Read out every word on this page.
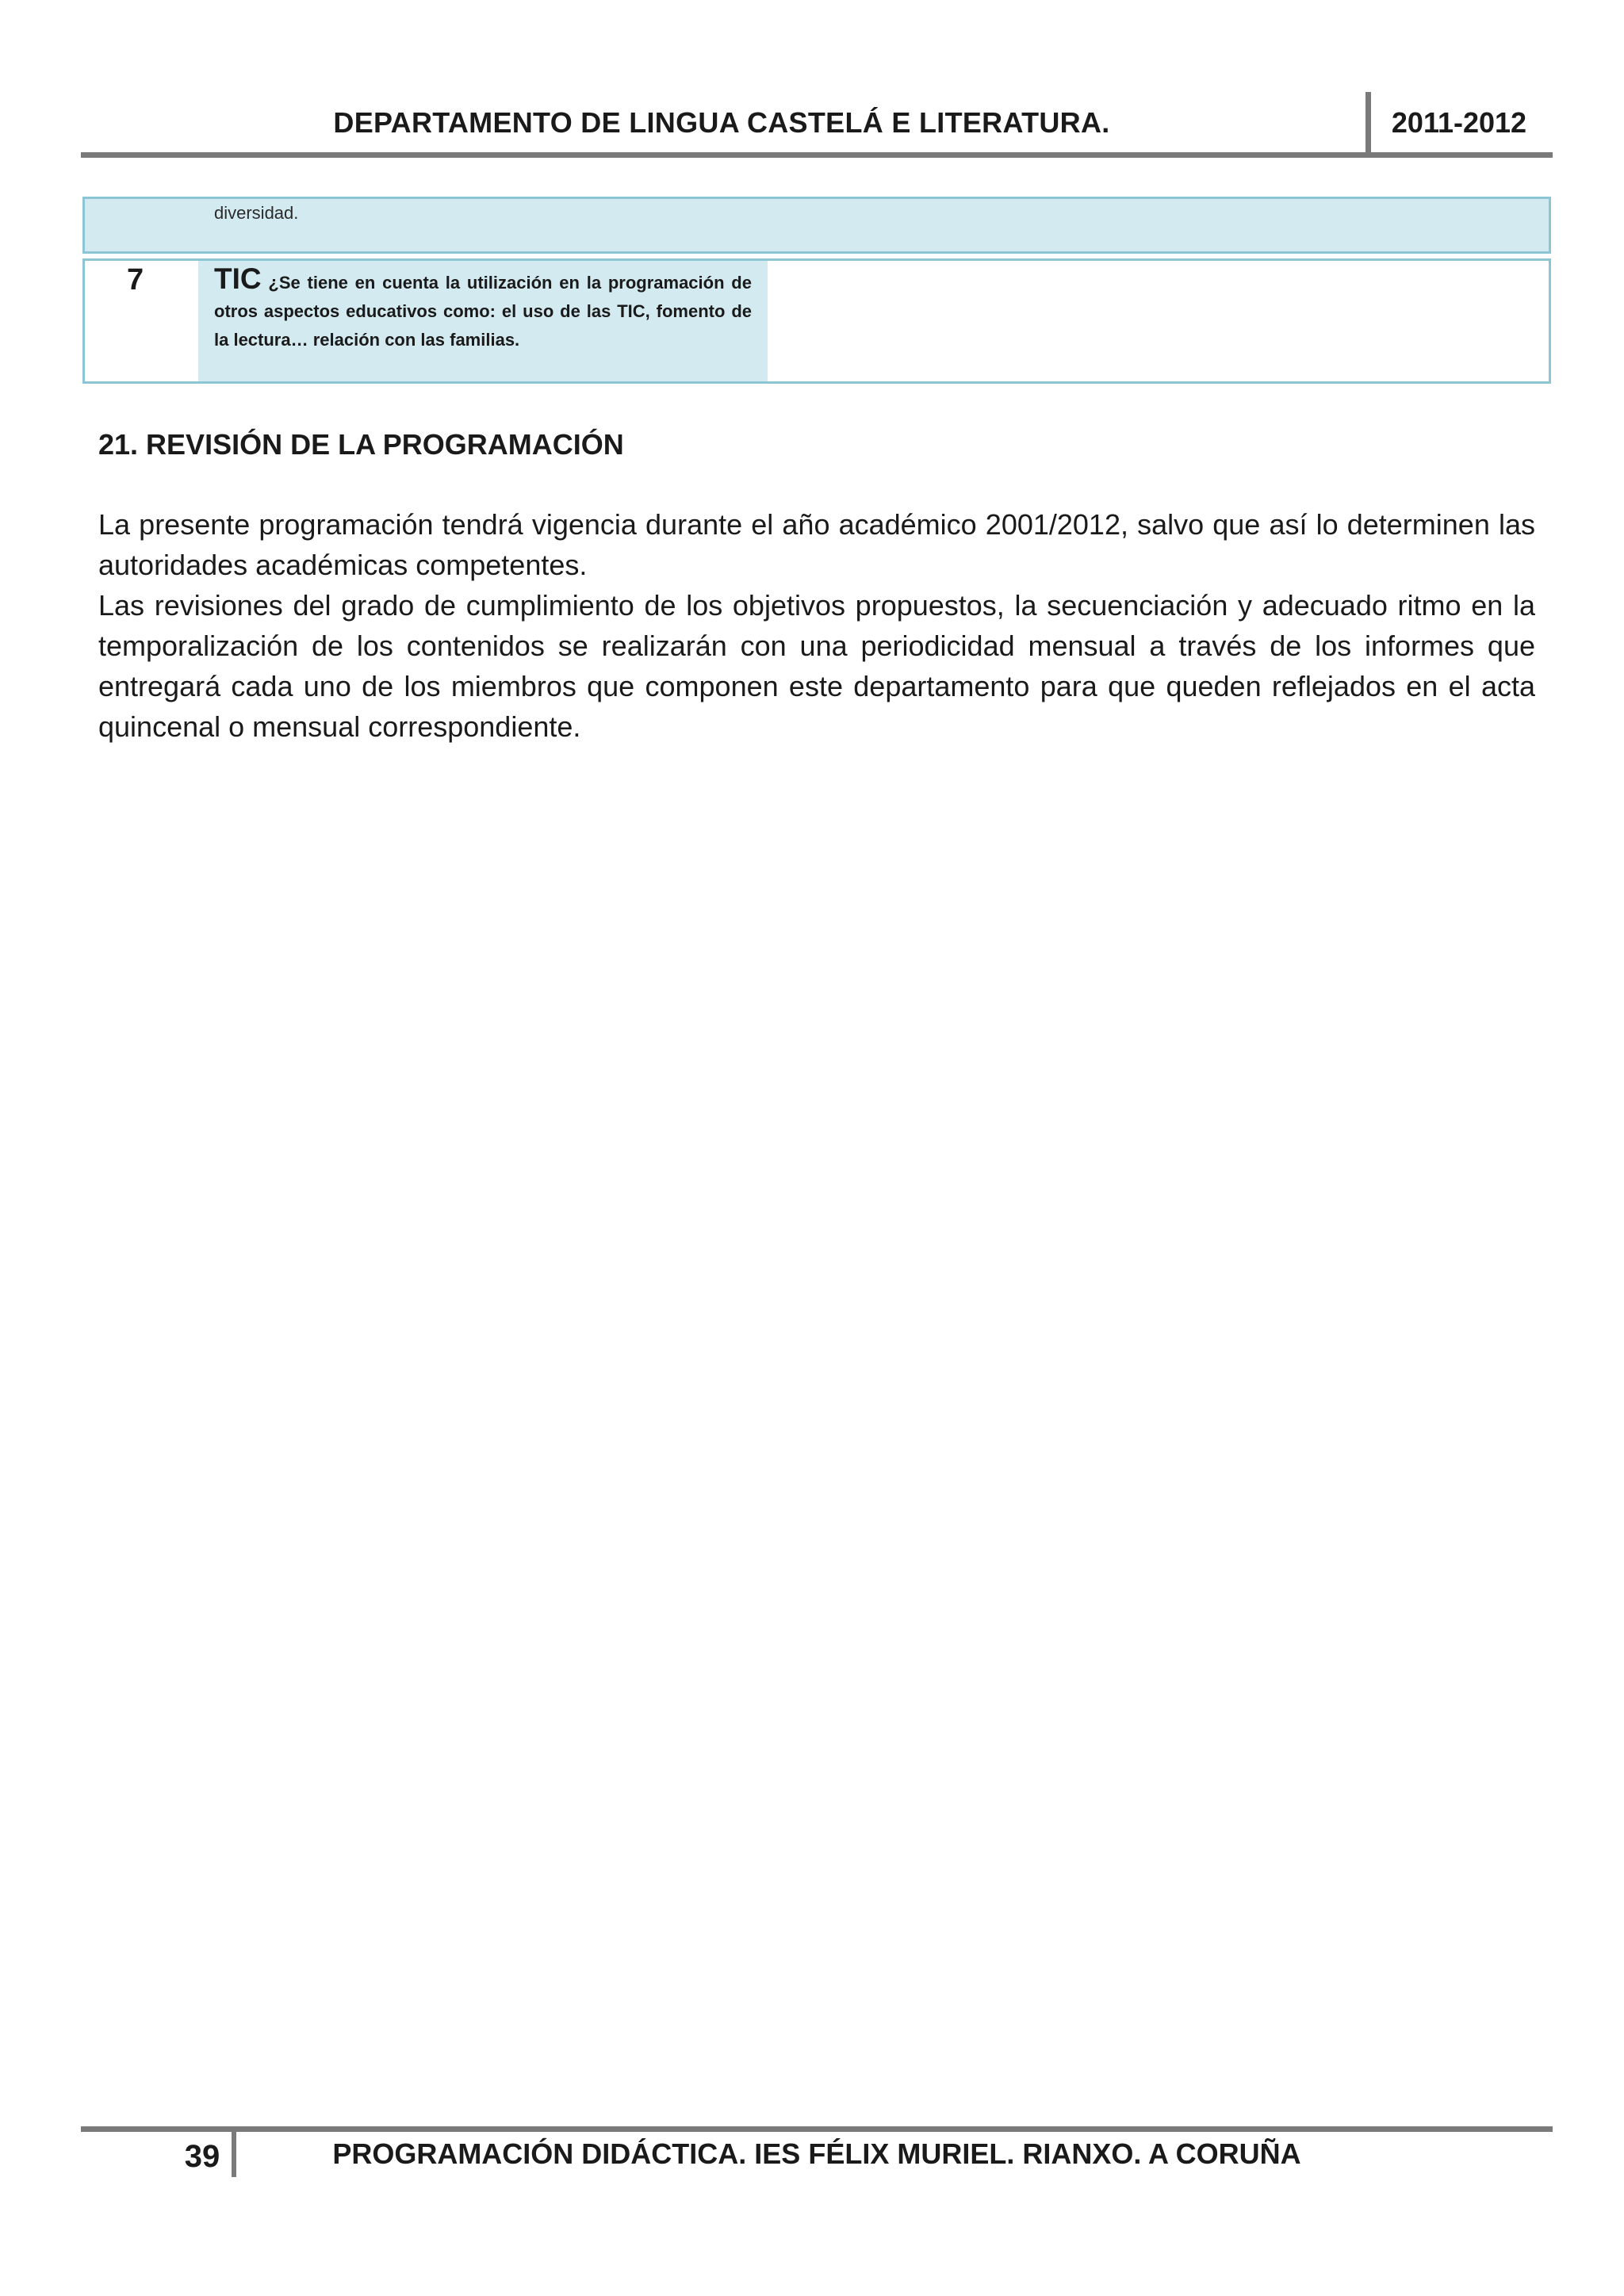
DEPARTAMENTO DE LINGUA CASTELÁ E LITERATURA.	2011-2012
diversidad.
7 TIC ¿Se tiene en cuenta la utilización en la programación de otros aspectos educativos como: el uso de las TIC, fomento de la lectura… relación con las familias.
21. REVISIÓN DE LA PROGRAMACIÓN

La presente programación tendrá vigencia durante el año académico 2001/2012, salvo que así lo determinen las autoridades académicas competentes.

Las revisiones del grado de cumplimiento de los objetivos propuestos, la secuenciación y adecuado ritmo en la temporalización de los contenidos se realizarán con una periodicidad mensual a través de los informes que entregará cada uno de los miembros que componen este departamento para que queden reflejados en el acta quincenal o mensual correspondiente.

39	PROGRAMACIÓN DIDÁCTICA. IES FÉLIX MURIEL. RIANXO. A CORUÑA
